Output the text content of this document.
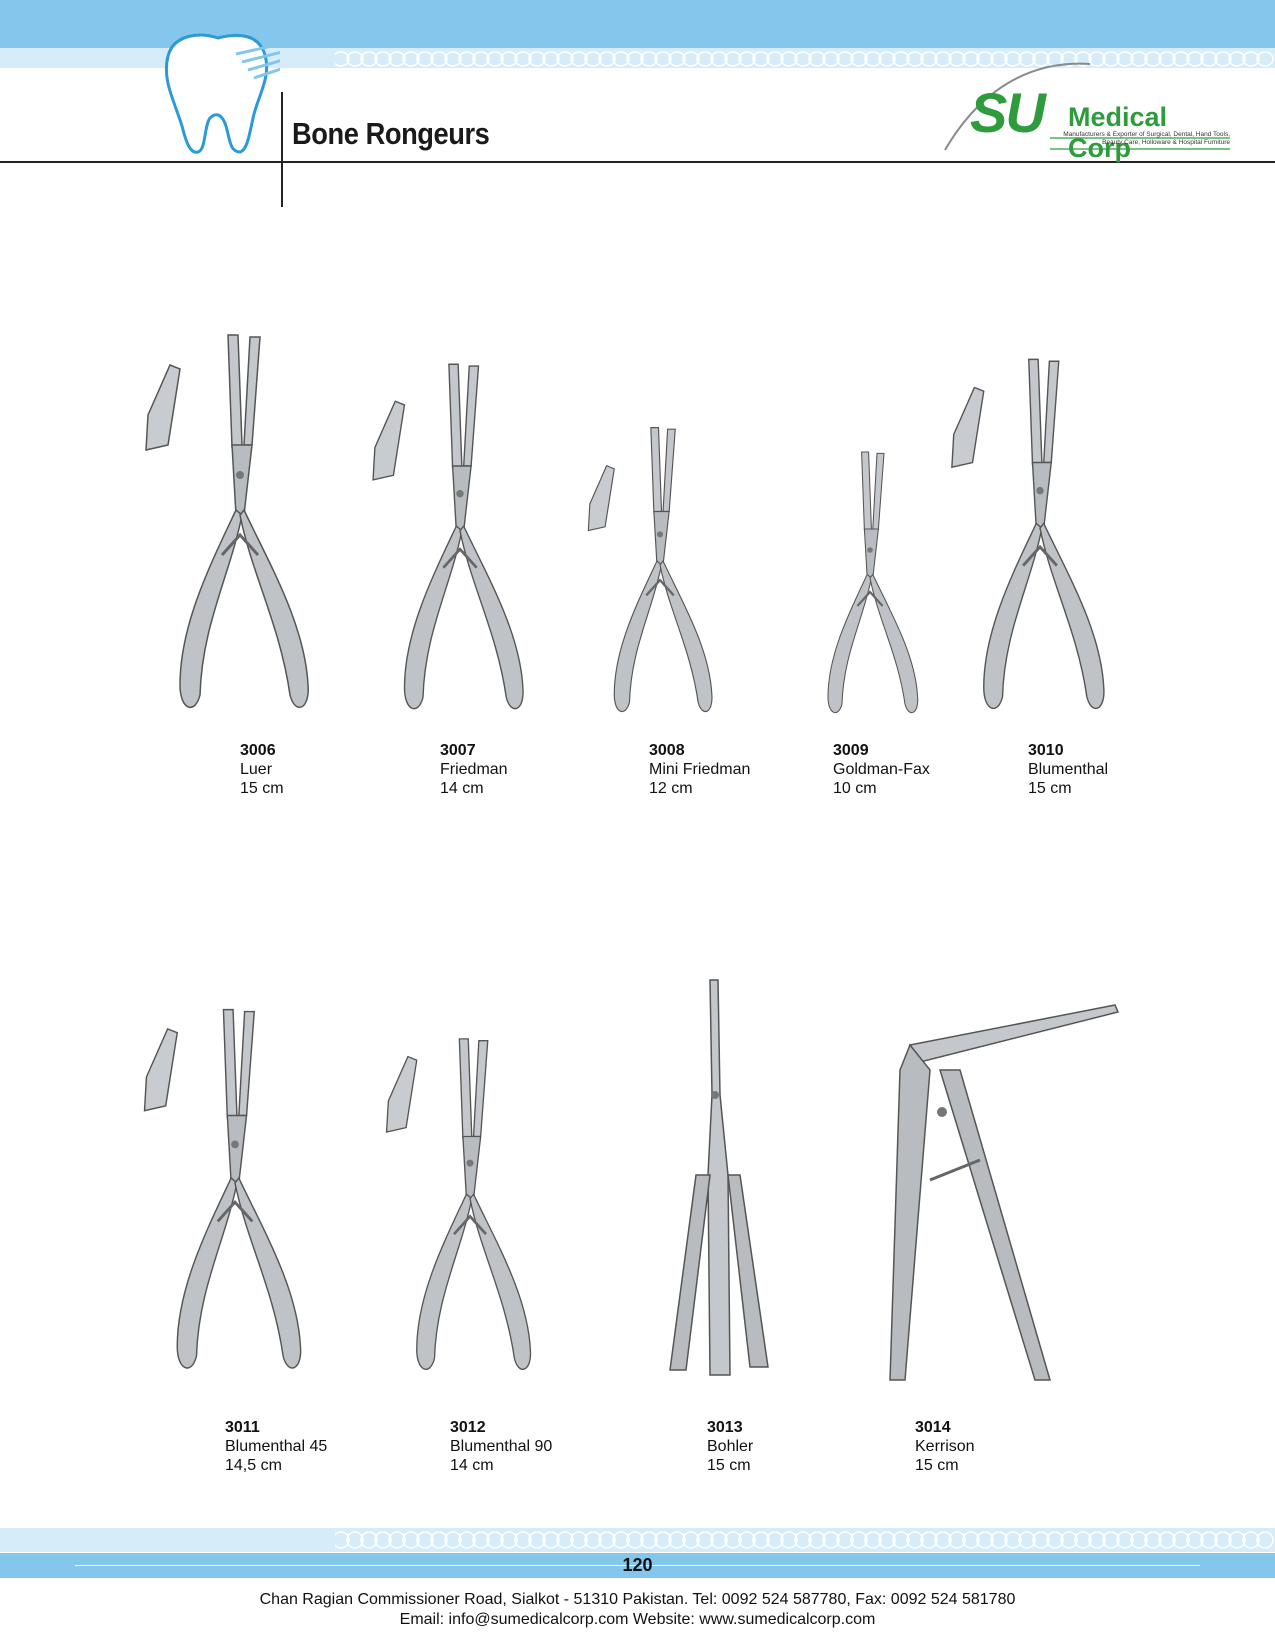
Bone Rongeurs	SU Medical Corp
Manufacturers & Exporter of Surgical, Dental, Hand Tools, Beauty Care, Holloware & Hospital Furniture
3006
Luer
15 cm
3007
Friedman
14 cm
3008
Mini Friedman
12 cm
3009
Goldman-Fax
10 cm
3010
Blumenthal
15 cm
3011
Blumenthal 45
14,5 cm
3012
Blumenthal 90
14 cm
3013
Bohler
15 cm
3014
Kerrison
15 cm
120
Chan Ragian Commissioner Road, Sialkot - 51310 Pakistan. Tel: 0092 524 587780, Fax: 0092 524 581780
Email: info@sumedicalcorp.com Website: www.sumedicalcorp.com
